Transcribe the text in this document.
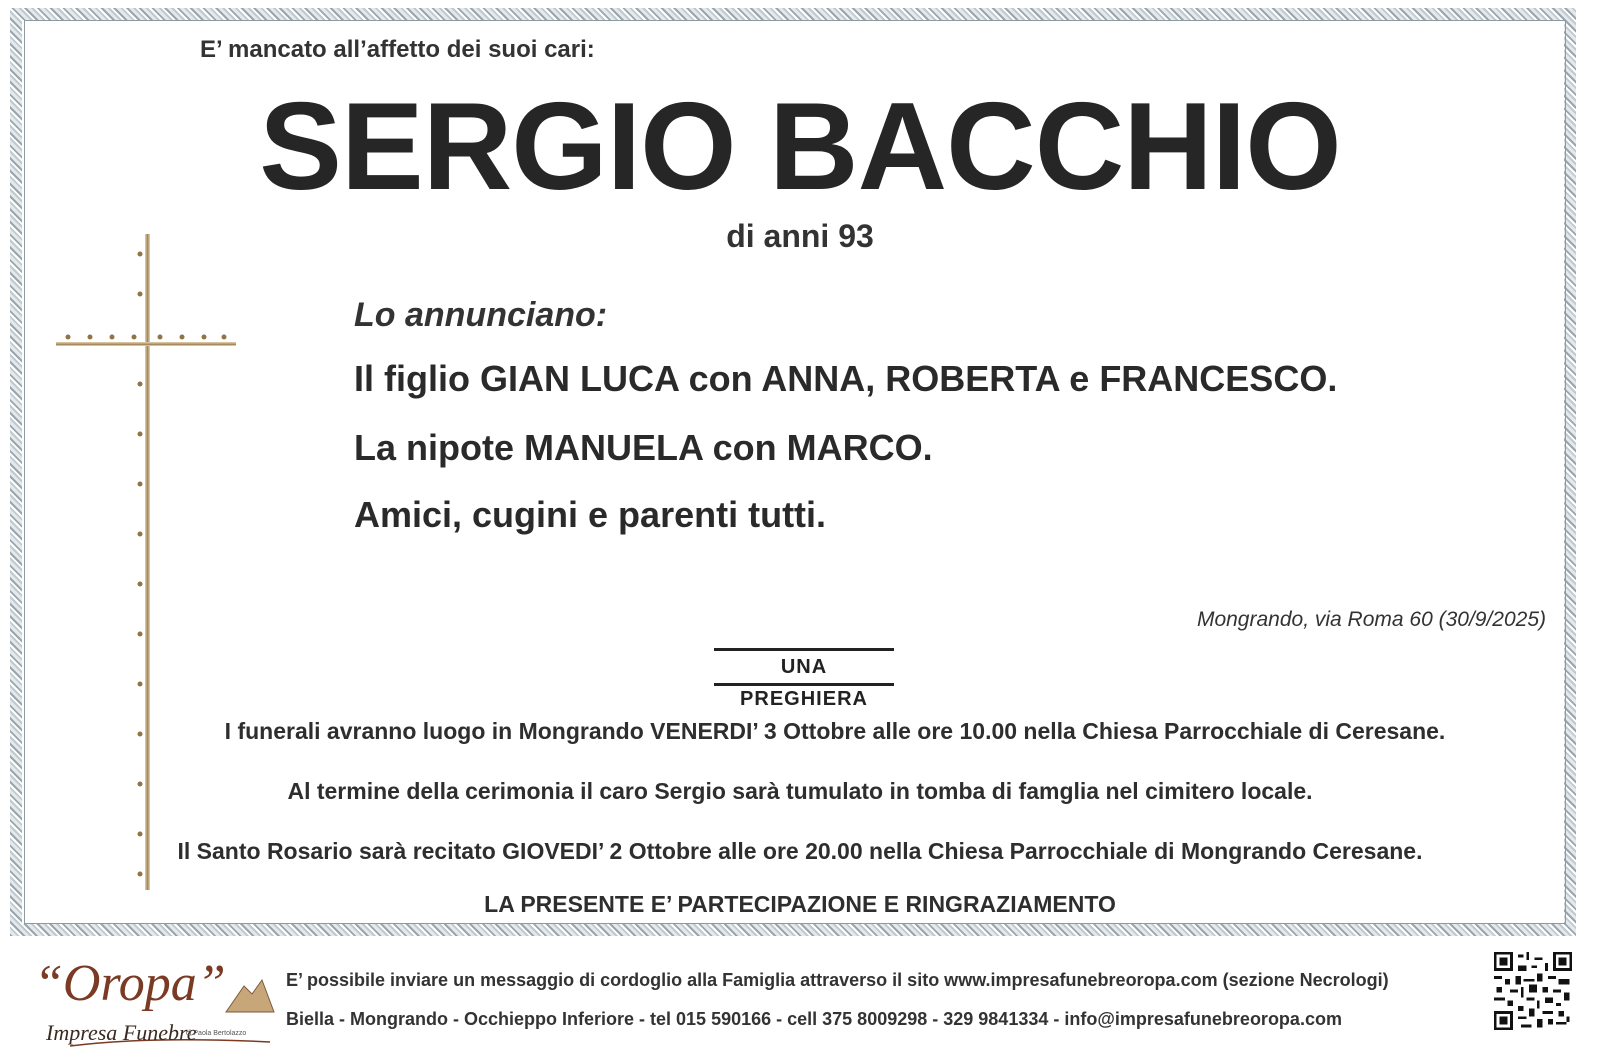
E’ mancato all’affetto dei suoi cari:
SERGIO BACCHIO
di anni 93
Lo annunciano:
Il figlio GIAN LUCA con ANNA, ROBERTA e FRANCESCO.
La nipote MANUELA con MARCO.
Amici, cugini e parenti tutti.
Mongrando, via Roma 60 (30/9/2025)
UNA PREGHIERA
I funerali avranno luogo in Mongrando VENERDI’ 3 Ottobre alle ore 10.00 nella Chiesa Parrocchiale di Ceresane.
Al termine della cerimonia il caro Sergio sarà tumulato in tomba di famglia nel cimitero locale.
Il Santo Rosario sarà recitato GIOVEDI’ 2 Ottobre alle ore 20.00 nella Chiesa Parrocchiale di Mongrando Ceresane.
LA PRESENTE E’ PARTECIPAZIONE E RINGRAZIAMENTO
“Oropa”
Impresa Funebre
di Paola Bertolazzo
E’ possibile inviare un messaggio di cordoglio alla Famiglia attraverso il sito www.impresafunebreoropa.com (sezione Necrologi)
Biella - Mongrando - Occhieppo Inferiore - tel 015 590166 - cell 375 8009298 - 329 9841334 - info@impresafunebreoropa.com
